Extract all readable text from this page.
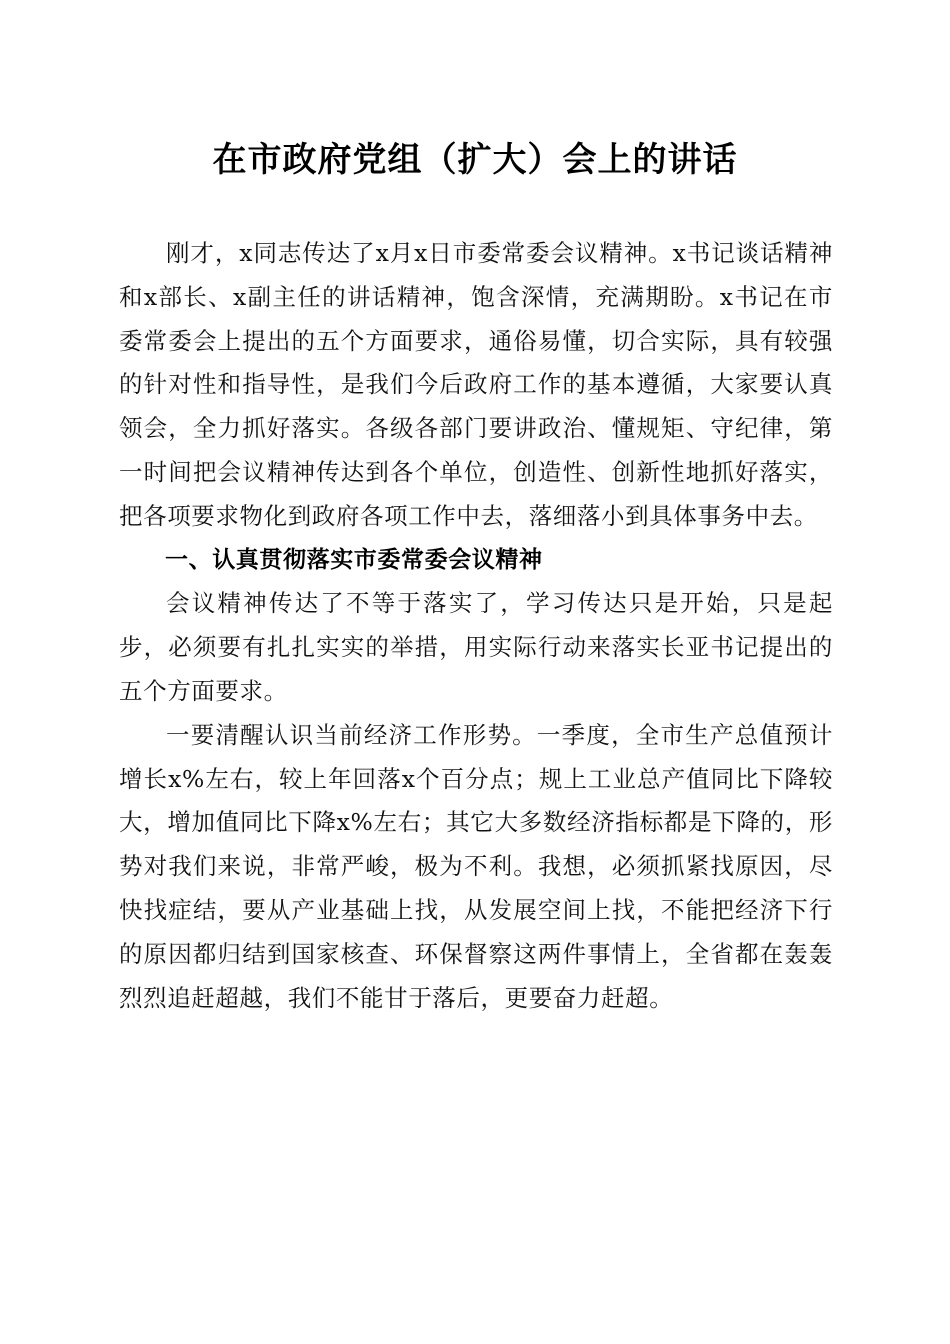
在市政府党组（扩大）会上的讲话

刚才，x同志传达了x月x日市委常委会议精神。x书记谈话精神和x部长、x副主任的讲话精神，饱含深情，充满期盼。x书记在市委常委会上提出的五个方面要求，通俗易懂，切合实际，具有较强的针对性和指导性，是我们今后政府工作的基本遵循，大家要认真领会，全力抓好落实。各级各部门要讲政治、懂规矩、守纪律，第一时间把会议精神传达到各个单位，创造性、创新性地抓好落实，把各项要求物化到政府各项工作中去，落细落小到具体事务中去。

一、认真贯彻落实市委常委会议精神

会议精神传达了不等于落实了，学习传达只是开始，只是起步，必须要有扎扎实实的举措，用实际行动来落实长亚书记提出的五个方面要求。

一要清醒认识当前经济工作形势。一季度，全市生产总值预计增长x%左右，较上年回落x个百分点；规上工业总产值同比下降较大，增加值同比下降x%左右；其它大多数经济指标都是下降的，形势对我们来说，非常严峻，极为不利。我想，必须抓紧找原因，尽快找症结，要从产业基础上找，从发展空间上找，不能把经济下行的原因都归结到国家核查、环保督察这两件事情上，全省都在轰轰烈烈追赶超越，我们不能甘于落后，更要奋力赶超。
